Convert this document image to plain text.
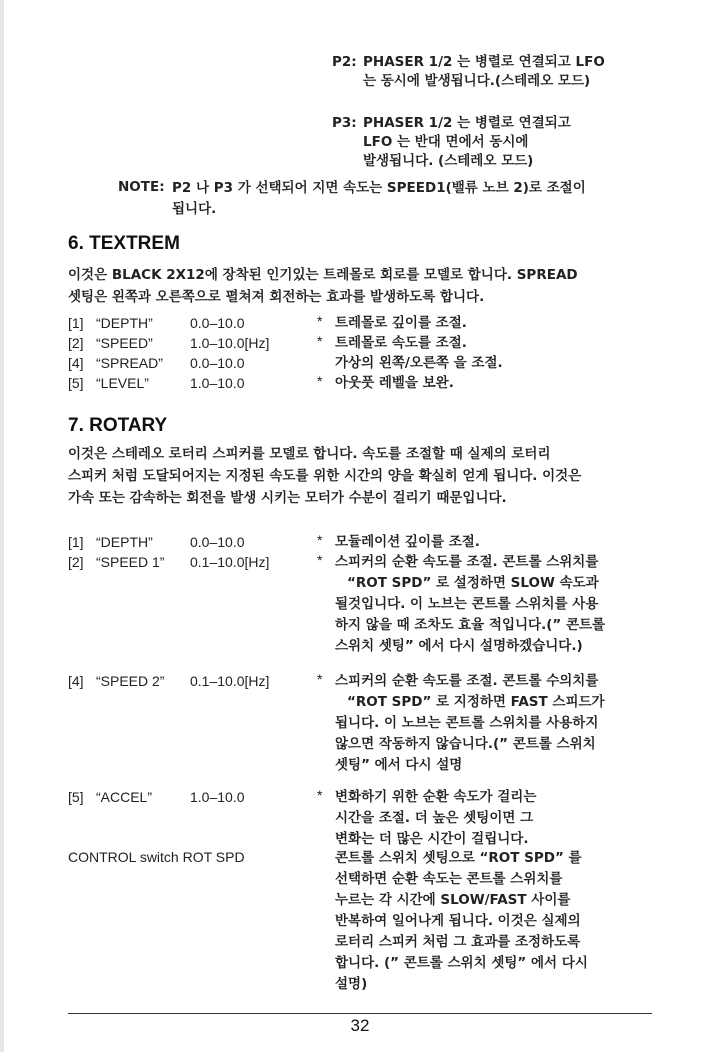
P2: PHASER 1/2 는 병렬로 연결되고 LFO
는 동시에 발생됩니다.(스테레오 모드)
P3: PHASER 1/2 는 병렬로 연결되고
LFO 는 반대 면에서 동시에
발생됩니다. (스테레오 모드)
NOTE: P2 나 P3 가 선택되어 지면 속도는 SPEED1(밸류 노브 2)로 조절이
됩니다.
6. TEXTREM
이것은 BLACK 2X12에 장착된 인기있는 트레몰로 회로를 모델로 합니다. SPREAD
셋팅은 왼쪽과 오른쪽으로 펼쳐져 회전하는 효과를 발생하도록 합니다.
[1] “DEPTH”	0.0–10.0	* 트레몰로 깊이를 조절.
[2] “SPEED”	1.0–10.0[Hz]	* 트레몰로 속도를 조절.
[4] “SPREAD” 0.0–10.0	가상의 왼쪽/오른쪽 을 조절.
[5] “LEVEL”	1.0–10.0	* 아웃풋 레벨을 보완.
7. ROTARY
이것은 스테레오 로터리 스피커를 모델로 합니다. 속도를 조절할 때 실제의 로터리
스피커 처럼 도달되어지는 지정된 속도를 위한 시간의 양을 확실히 얻게 됩니다. 이것은
가속 또는 감속하는 회전을 발생 시키는 모터가 수분이 걸리기 때문입니다.
[1] “DEPTH”	0.0–10.0	* 모듈레이션 깊이를 조절.
[2] “SPEED 1” 0.1–10.0[Hz]	* 스피커의 순환 속도를 조절. 콘트롤 스위치를
“ROT SPD” 로 설정하면 SLOW 속도과
될것입니다. 이 노브는 콘트롤 스위치를 사용
하지 않을 때 조차도 효율 적입니다.(” 콘트롤
스위치 셋팅” 에서 다시 설명하겠습니다.)
[4] “SPEED 2” 0.1–10.0[Hz]	* 스피커의 순환 속도를 조절. 콘트롤 수의치를
“ROT SPD” 로 지정하면 FAST 스피드가
됩니다. 이 노브는 콘트롤 스위치를 사용하지
않으면 작동하지 않습니다.(” 콘트롤 스위치
셋팅” 에서 다시 설명
[5] “ACCEL”	1.0–10.0	* 변화하기 위한 순환 속도가 걸리는
시간을 조절. 더 높은 셋팅이면 그
변화는 더 많은 시간이 걸립니다.
CONTROL switch ROT SPD	콘트롤 스위치 셋팅으로 “ROT SPD” 를
선택하면 순환 속도는 콘트롤 스위치를
누르는 각 시간에 SLOW/FAST 사이를
반복하여 일어나게 됩니다. 이것은 실제의
로터리 스피커 처럼 그 효과를 조정하도록
합니다. (” 콘트롤 스위치 셋팅” 에서 다시
설명)
32
